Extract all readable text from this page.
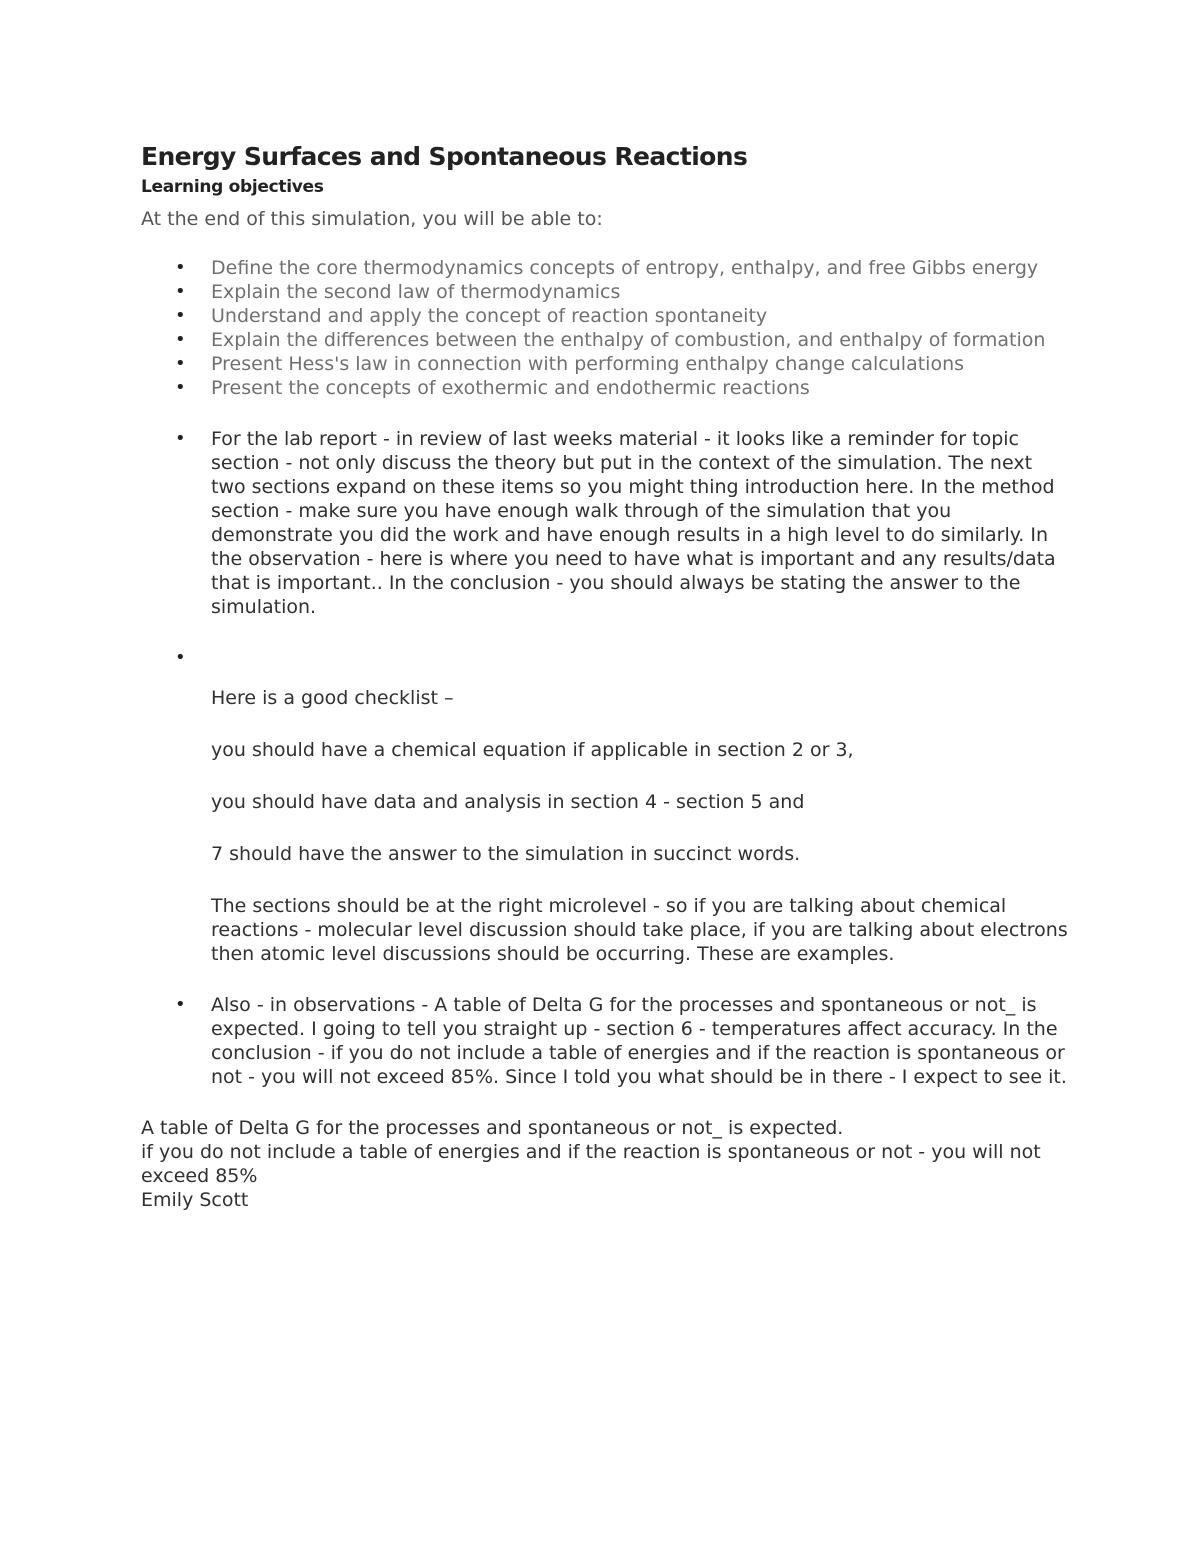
Energy Surfaces and Spontaneous Reactions
Learning objectives
At the end of this simulation, you will be able to:
• Define the core thermodynamics concepts of entropy, enthalpy, and free Gibbs energy
• Explain the second law of thermodynamics
• Understand and apply the concept of reaction spontaneity
• Explain the differences between the enthalpy of combustion, and enthalpy of formation
• Present Hess's law in connection with performing enthalpy change calculations
• Present the concepts of exothermic and endothermic reactions
• For the lab report - in review of last weeks material - it looks like a reminder for topic section - not only discuss the theory but put in the context of the simulation. The next two sections expand on these items so you might thing introduction here. In the method section - make sure you have enough walk through of the simulation that you demonstrate you did the work and have enough results in a high level to do similarly. In the observation - here is where you need to have what is important and any results/data that is important.. In the conclusion - you should always be stating the answer to the simulation.

•

Here is a good checklist –

you should have a chemical equation if applicable in section 2 or 3,

you should have data and analysis in section 4 - section 5 and

7 should have the answer to the simulation in succinct words.

The sections should be at the right microlevel - so if you are talking about chemical reactions - molecular level discussion should take place, if you are talking about electrons then atomic level discussions should be occurring. These are examples.

• Also - in observations - A table of Delta G for the processes and spontaneous or not_ is expected. I going to tell you straight up - section 6 - temperatures affect accuracy. In the conclusion - if you do not include a table of energies and if the reaction is spontaneous or not - you will not exceed 85%. Since I told you what should be in there - I expect to see it.

A table of Delta G for the processes and spontaneous or not_ is expected.
if you do not include a table of energies and if the reaction is spontaneous or not - you will not exceed 85%
Emily Scott
